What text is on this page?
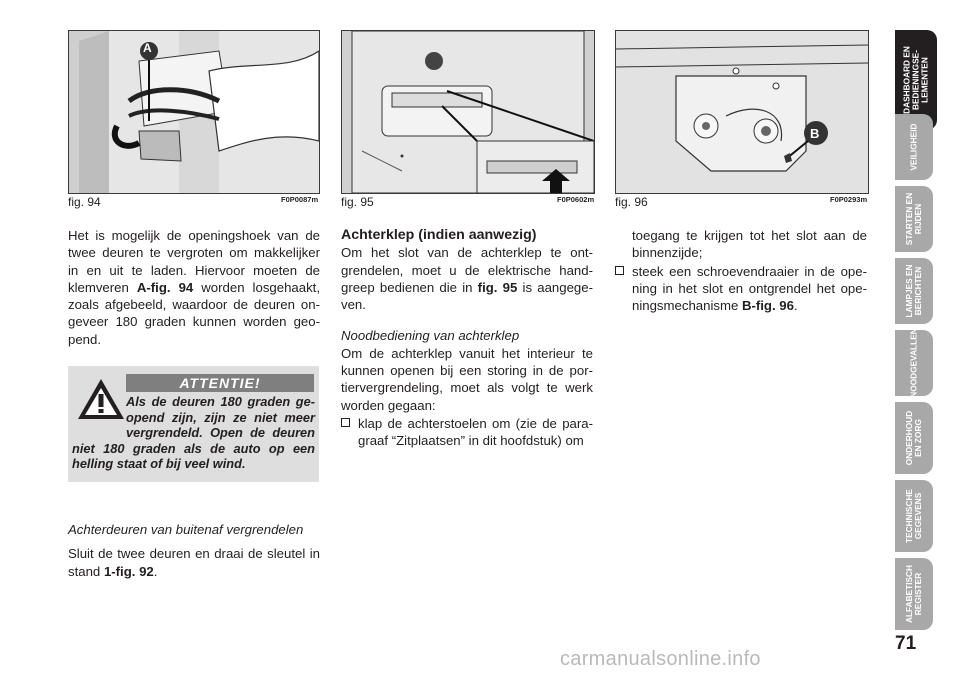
A
B
fig. 94	F0P0087m fig. 95	F0P0602m fig. 96	F0P0293m

Het is mogelijk de openingshoek van de twee deuren te vergroten om makkelijker in en uit te laden. Hiervoor moeten de klemveren A-fig. 94 worden losgehaakt, zoals afgebeeld, waardoor de deuren on- geveer 180 graden kunnen worden geo- pend.

ATTENTIE!
Als de deuren 180 graden ge- opend zijn, zijn ze niet meer vergrendeld. Open de deuren niet 180 graden als de auto op een helling staat of bij veel wind.

Achterdeuren van buitenaf vergrendelen

Sluit de twee deuren en draai de sleutel in stand 1-fig. 92.

Achterklep (indien aanwezig)

Om het slot van de achterklep te ont- grendelen, moet u de elektrische hand- greep bedienen die in fig. 95 is aangege- ven.

Noodbediening van achterklep

Om de achterklep vanuit het interieur te kunnen openen bij een storing in de por- tiervergrendeling, moet als volgt te werk worden gegaan:

klap de achterstoelen om (zie de para- graaf “Zitplaatsen” in dit hoofdstuk) om

toegang te krijgen tot het slot aan de binnenzijde;

steek een schroevendraaier in de ope- ning in het slot en ontgrendel het ope- ningsmechanisme B-fig. 96.

DASHBOARD EN
BEDIENINGSE-
LEMENTEN
VEILIGHEID
STARTEN EN
RIJDEN
LAMPJES EN
BERICHTEN
NOODGEVALLEN
ONDERHOUD
EN ZORG
TECHNISCHE
GEGEVENS
ALFABETISCH
REGISTER
71
carmanualsonline.info
